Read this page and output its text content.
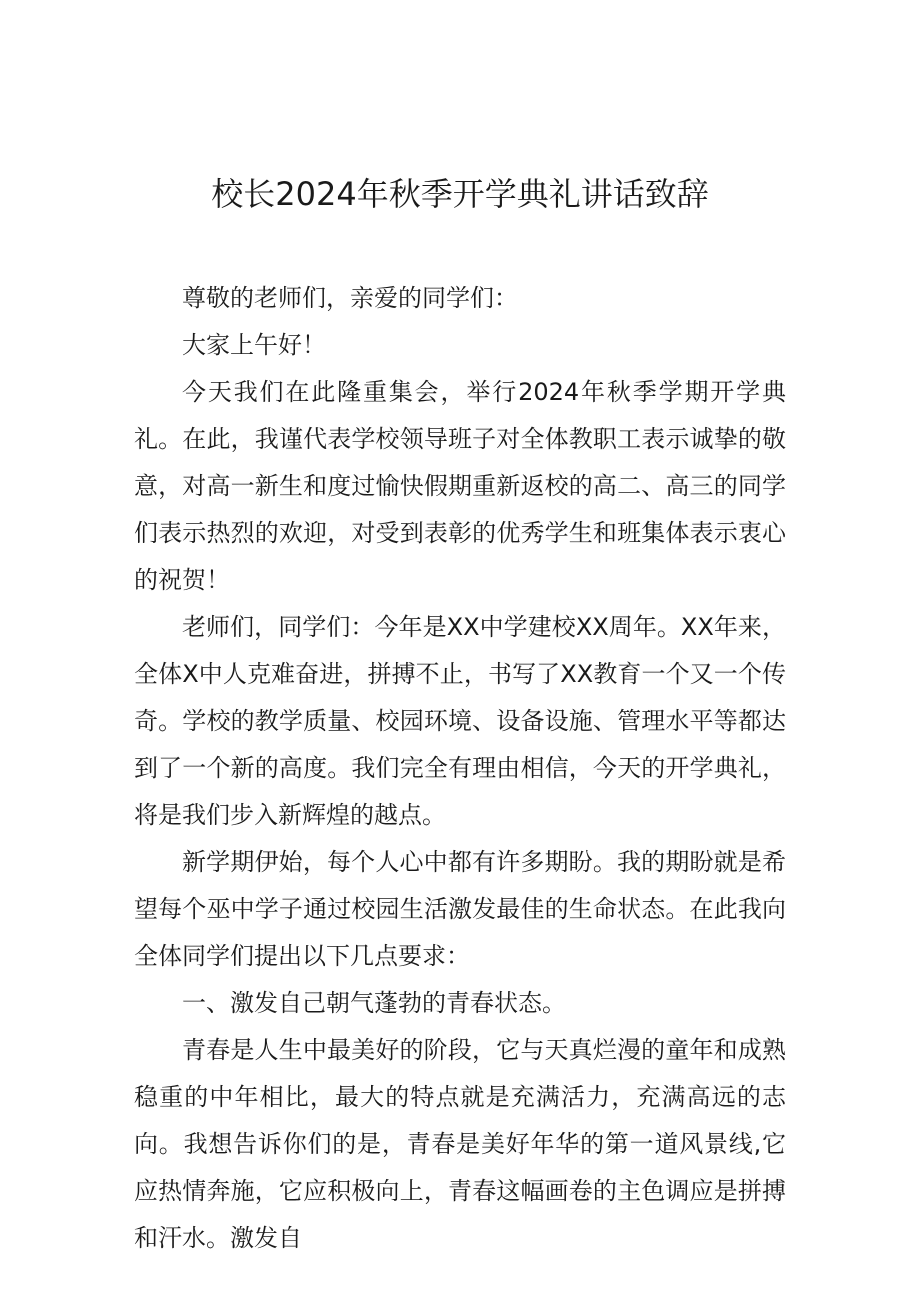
校长2024年秋季开学典礼讲话致辞

尊敬的老师们，亲爱的同学们：

大家上午好！

今天我们在此隆重集会，举行2024年秋季学期开学典礼。在此，我谨代表学校领导班子对全体教职工表示诚挚的敬意，对高一新生和度过愉快假期重新返校的高二、高三的同学们表示热烈的欢迎，对受到表彰的优秀学生和班集体表示衷心的祝贺！

老师们，同学们：今年是XX中学建校XX周年。XX年来，全体X中人克难奋进，拼搏不止，书写了XX教育一个又一个传奇。学校的教学质量、校园环境、设备设施、管理水平等都达到了一个新的高度。我们完全有理由相信，今天的开学典礼，将是我们步入新辉煌的越点。

新学期伊始，每个人心中都有许多期盼。我的期盼就是希望每个巫中学子通过校园生活激发最佳的生命状态。在此我向全体同学们提出以下几点要求：

一、激发自己朝气蓬勃的青春状态。

青春是人生中最美好的阶段，它与天真烂漫的童年和成熟稳重的中年相比，最大的特点就是充满活力，充满高远的志向。我想告诉你们的是，青春是美好年华的第一道风景线,它应热情奔施，它应积极向上，青春这幅画卷的主色调应是拼搏和汗水。激发自
